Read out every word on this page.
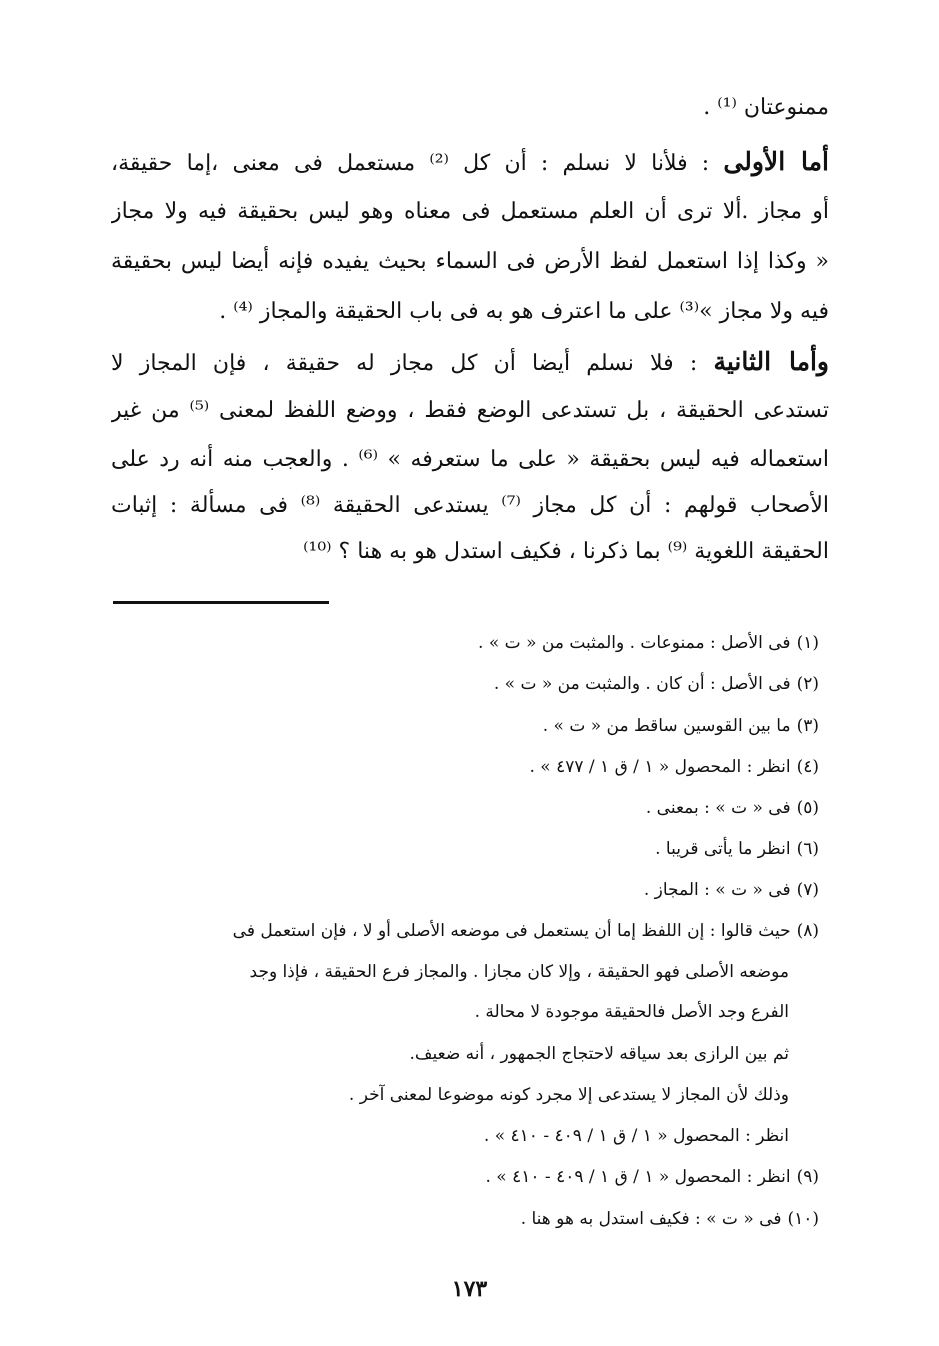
ممنوعتان ⁽¹⁾ .
أما الأولى : فلأنا لا نسلم : أن كل ⁽²⁾ مستعمل فى معنى ،إما حقيقة،
أو مجاز .ألا ترى أن العلم مستعمل فى معناه وهو ليس بحقيقة فيه ولا مجاز
« وكذا إذا استعمل لفظ الأرض فى السماء بحيث يفيده فإنه أيضا ليس بحقيقة
فيه ولا مجاز »⁽³⁾ على ما اعترف هو به فى باب الحقيقة والمجاز ⁽⁴⁾ .
وأما الثانية : فلا نسلم أيضا أن كل مجاز له حقيقة ، فإن المجاز لا
تستدعى الحقيقة ، بل تستدعى الوضع فقط ، ووضع اللفظ لمعنى ⁽⁵⁾ من غير
استعماله فيه ليس بحقيقة « على ما ستعرفه » ⁽⁶⁾ . والعجب منه أنه رد على
الأصحاب قولهم : أن كل مجاز ⁽⁷⁾ يستدعى الحقيقة ⁽⁸⁾ فى مسألة : إثبات
الحقيقة اللغوية ⁽⁹⁾ بما ذكرنا ، فكيف استدل هو به هنا ؟ ⁽¹⁰⁾
(١)فى الأصل : ممنوعات . والمثبت من « ت » .
(٢)فى الأصل : أن كان . والمثبت من « ت » .
(٣)ما بين القوسين ساقط من « ت » .
(٤)انظر : المحصول « ١ / ق ١ / ٤٧٧ » .
(٥)فى « ت » : بمعنى .
(٦)انظر ما يأتى قريبا .
(٧)فى « ت » : المجاز .
(٨)حيث قالوا : إن اللفظ إما أن يستعمل فى موضعه الأصلى أو لا ، فإن استعمل فى
موضعه الأصلى فهو الحقيقة ، وإلا كان مجازا . والمجاز فرع الحقيقة ، فإذا وجد
الفرع وجد الأصل فالحقيقة موجودة لا محالة .
ثم بين الرازى بعد سياقه لاحتجاج الجمهور ، أنه ضعيف.
وذلك لأن المجاز لا يستدعى إلا مجرد كونه موضوعا لمعنى آخر .
انظر : المحصول « ١ / ق ١ / ٤٠٩ - ٤١٠ » .
(٩)انظر : المحصول « ١ / ق ١ / ٤٠٩ - ٤١٠ » .
(١٠)فى « ت » : فكيف استدل به هو هنا .
١٧٣
